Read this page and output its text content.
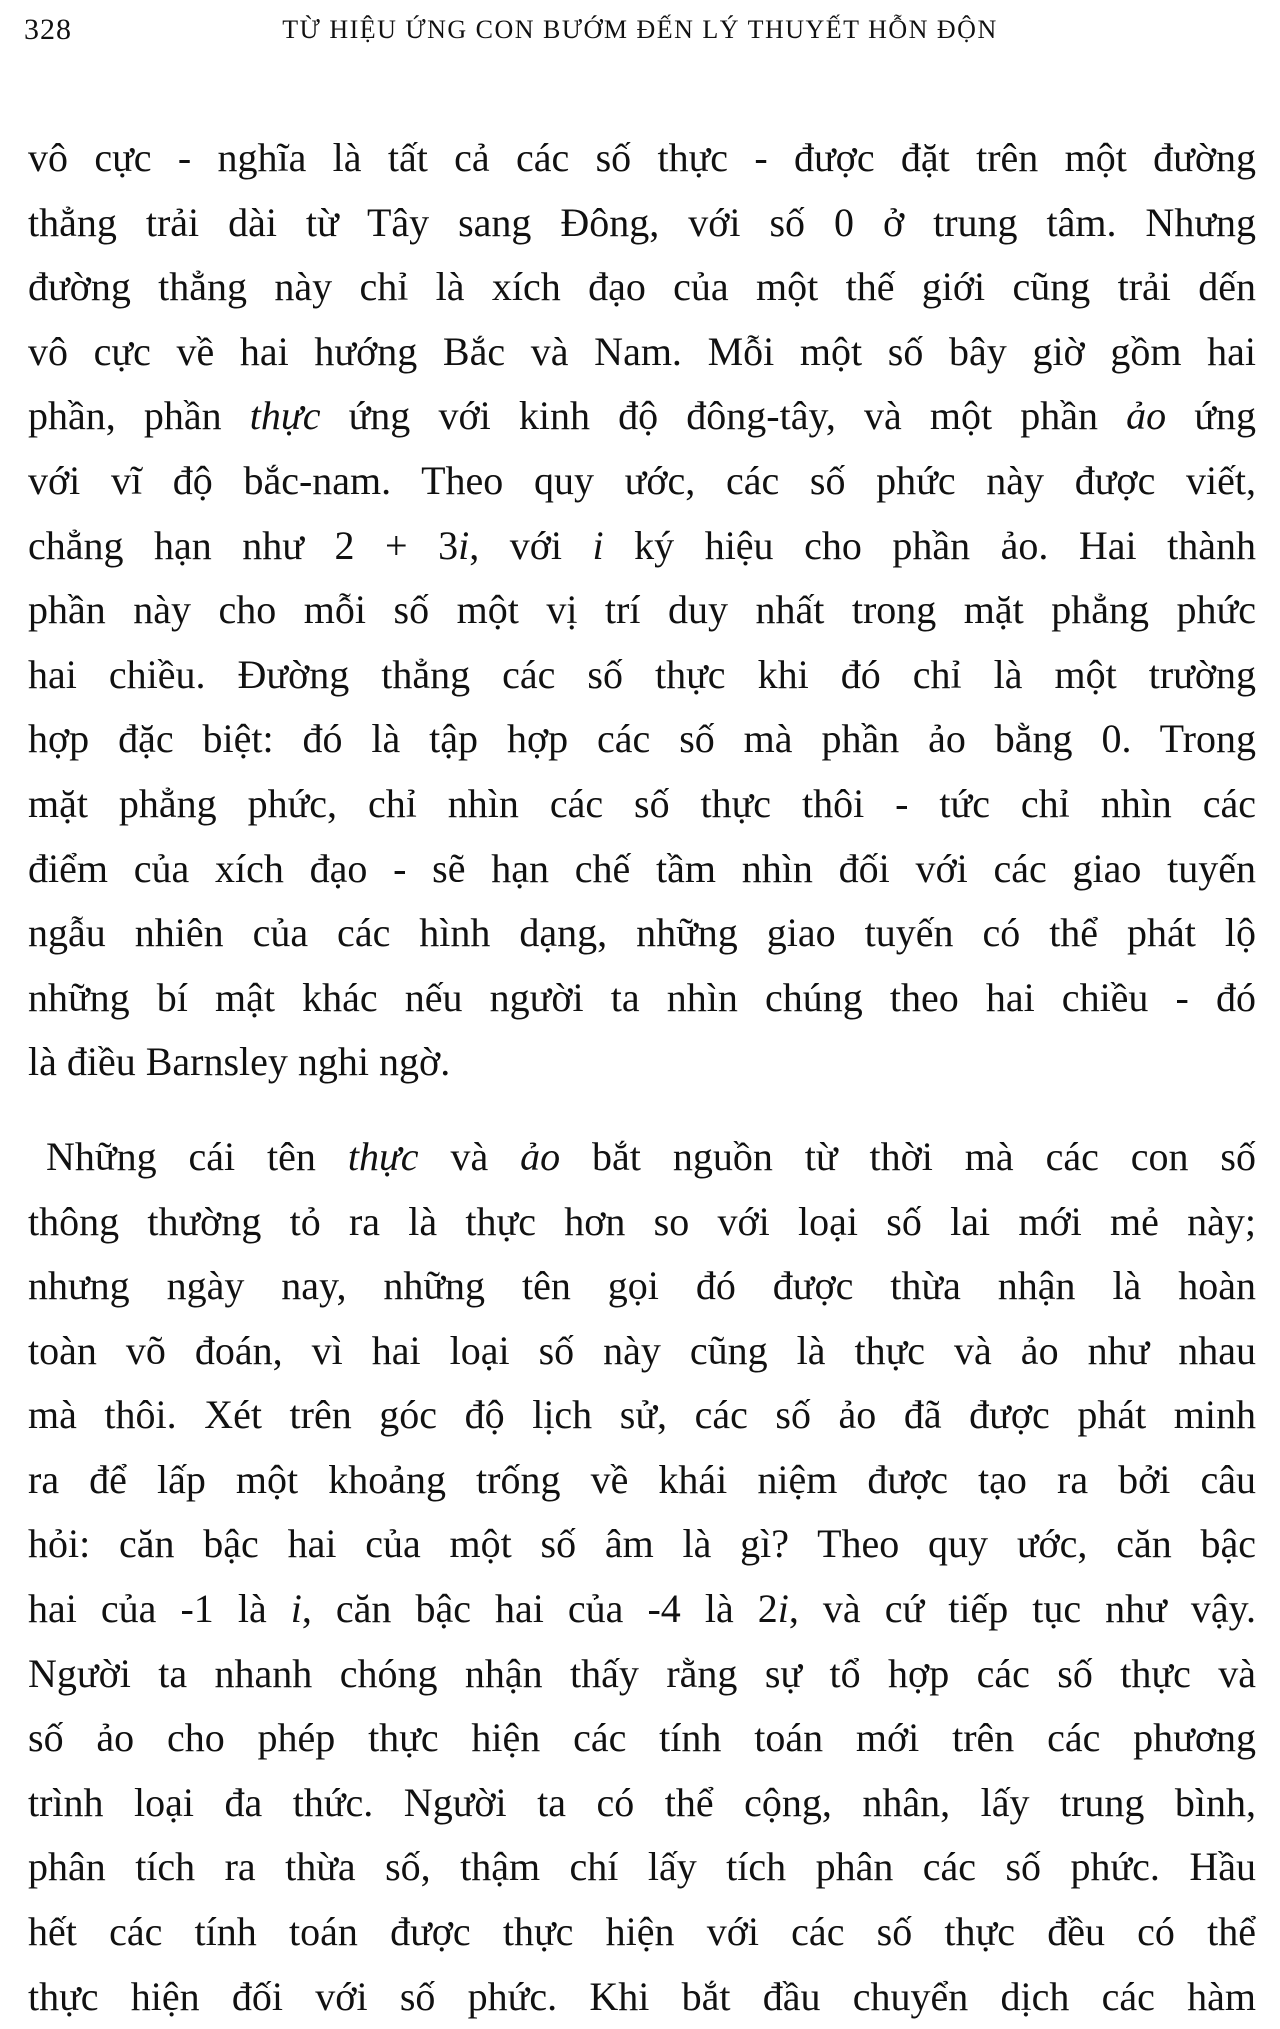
328	TỪ HIỆU ỨNG CON BƯỚM ĐẾN LÝ THUYẾT HỖN ĐỘN

vô cực - nghĩa là tất cả các số thực - được đặt trên một đường
thẳng trải dài từ Tây sang Đông, với số 0 ở trung tâm. Nhưng
đường thẳng này chỉ là xích đạo của một thế giới cũng trải dến
vô cực về hai hướng Bắc và Nam. Mỗi một số bây giờ gồm hai
phần, phần thực ứng với kinh độ đông-tây, và một phần ảo ứng
với vĩ độ bắc-nam. Theo quy ước, các số phức này được viết,
chẳng hạn như 2 + 3i, với i ký hiệu cho phần ảo. Hai thành
phần này cho mỗi số một vị trí duy nhất trong mặt phẳng phức
hai chiều. Đường thẳng các số thực khi đó chỉ là một trường
hợp đặc biệt: đó là tập hợp các số mà phần ảo bằng 0. Trong
mặt phẳng phức, chỉ nhìn các số thực thôi - tức chỉ nhìn các
điểm của xích đạo - sẽ hạn chế tầm nhìn đối với các giao tuyến
ngẫu nhiên của các hình dạng, những giao tuyến có thể phát lộ
những bí mật khác nếu người ta nhìn chúng theo hai chiều - đó
là điều Barnsley nghi ngờ.

Những cái tên thực và ảo bắt nguồn từ thời mà các con số
thông thường tỏ ra là thực hơn so với loại số lai mới mẻ này;
nhưng ngày nay, những tên gọi đó được thừa nhận là hoàn
toàn võ đoán, vì hai loại số này cũng là thực và ảo như nhau
mà thôi. Xét trên góc độ lịch sử, các số ảo đã được phát minh
ra để lấp một khoảng trống về khái niệm được tạo ra bởi câu
hỏi: căn bậc hai của một số âm là gì? Theo quy ước, căn bậc
hai của -1 là i, căn bậc hai của -4 là 2i, và cứ tiếp tục như vậy.
Người ta nhanh chóng nhận thấy rằng sự tổ hợp các số thực và
số ảo cho phép thực hiện các tính toán mới trên các phương
trình loại đa thức. Người ta có thể cộng, nhân, lấy trung bình,
phân tích ra thừa số, thậm chí lấy tích phân các số phức. Hầu
hết các tính toán được thực hiện với các số thực đều có thể
thực hiện đối với số phức. Khi bắt đầu chuyển dịch các hàm
